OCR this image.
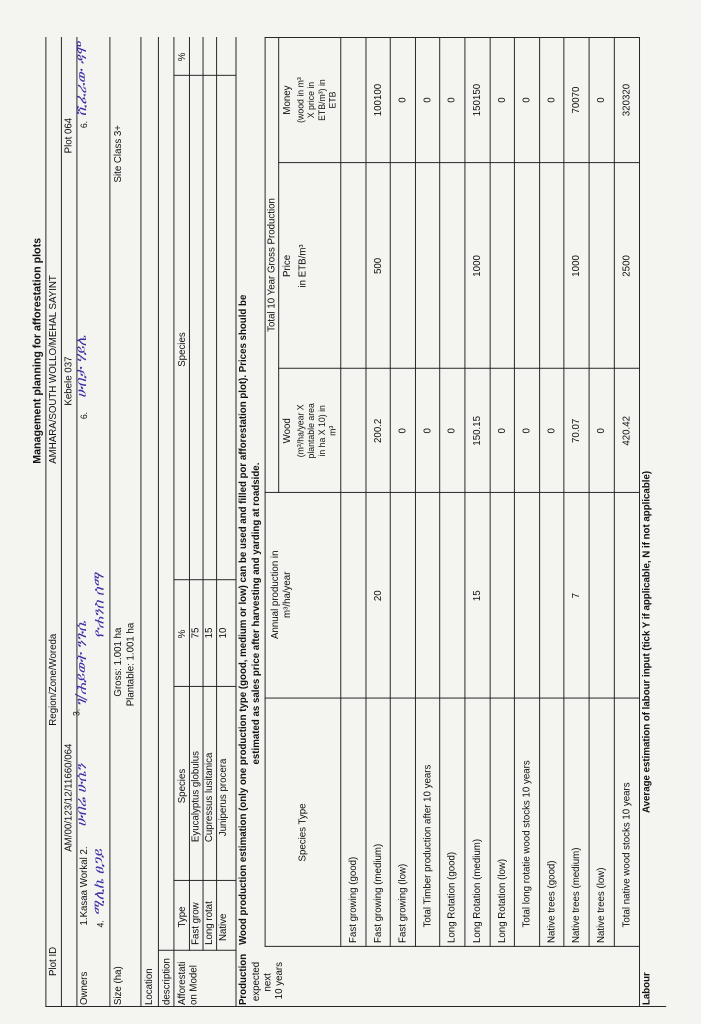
Management planning for afforestation plots
Plot ID
Region/Zone/Woreda
AMHARA/SOUTH WOLLO/MEHAL SAYINT
AM/00/123/12/11660/064
Kebele 037
Plot 064
Owners
1.Kasaa Workal 2.
ሀብሬ ሁሴን
3.
ገ/ሕይወት ንጉሴ
6.
ሀብታ ሃይሌ
6.
ሺፈራው ዳሞ
4.
ሚሊኬ ፀጋይ
ዮሐንስ ሰማ
Size (ha)
Gross: 1.001 ha Plantable: 1.001 ha
Site Class 3+
Location description Afforestati on Model
Type
Species
%
Species
%
Fast grow
Eyucalyptus globulus
75
Long rotat
Cupressus lusitanica
15
Native
Juniperus procera
10
Production expected next 10 years
Wood production estimation (only one production type (good, medium or low) can be used and filled por afforestation plot). Prices should be estimated as sales price after harvesting and yarding at roadside.
Species Type
Annual production in m³/ha/year
Total 10 Year Gross Production
Wood (m³/ha/year X plantable area in ha X 10) in m³
Price in ETB/m³
Money (wood in m³ X price in ETB/m³) in ETB
Fast growing (good) Fast growing (medium)
20
200.2
500
100100
Fast growing (low)
0
0
Total Timber production after 10 years
0
0
Long Rotation (good)
0
0
Long Rotation (medium)
15
150.15
1000
150150
Long Rotation (low)
0
0
Total long rotatie wood stocks 10 years
0
0
Native trees (good)
0
0
Native trees (medium)
7
70.07
1000
70070
Native trees (low)
0
0
Total native wood stocks 10 years
420.42
2500
320320
Labour
Average estimation of labour input (tick Y if applicable, N if not applicable)
